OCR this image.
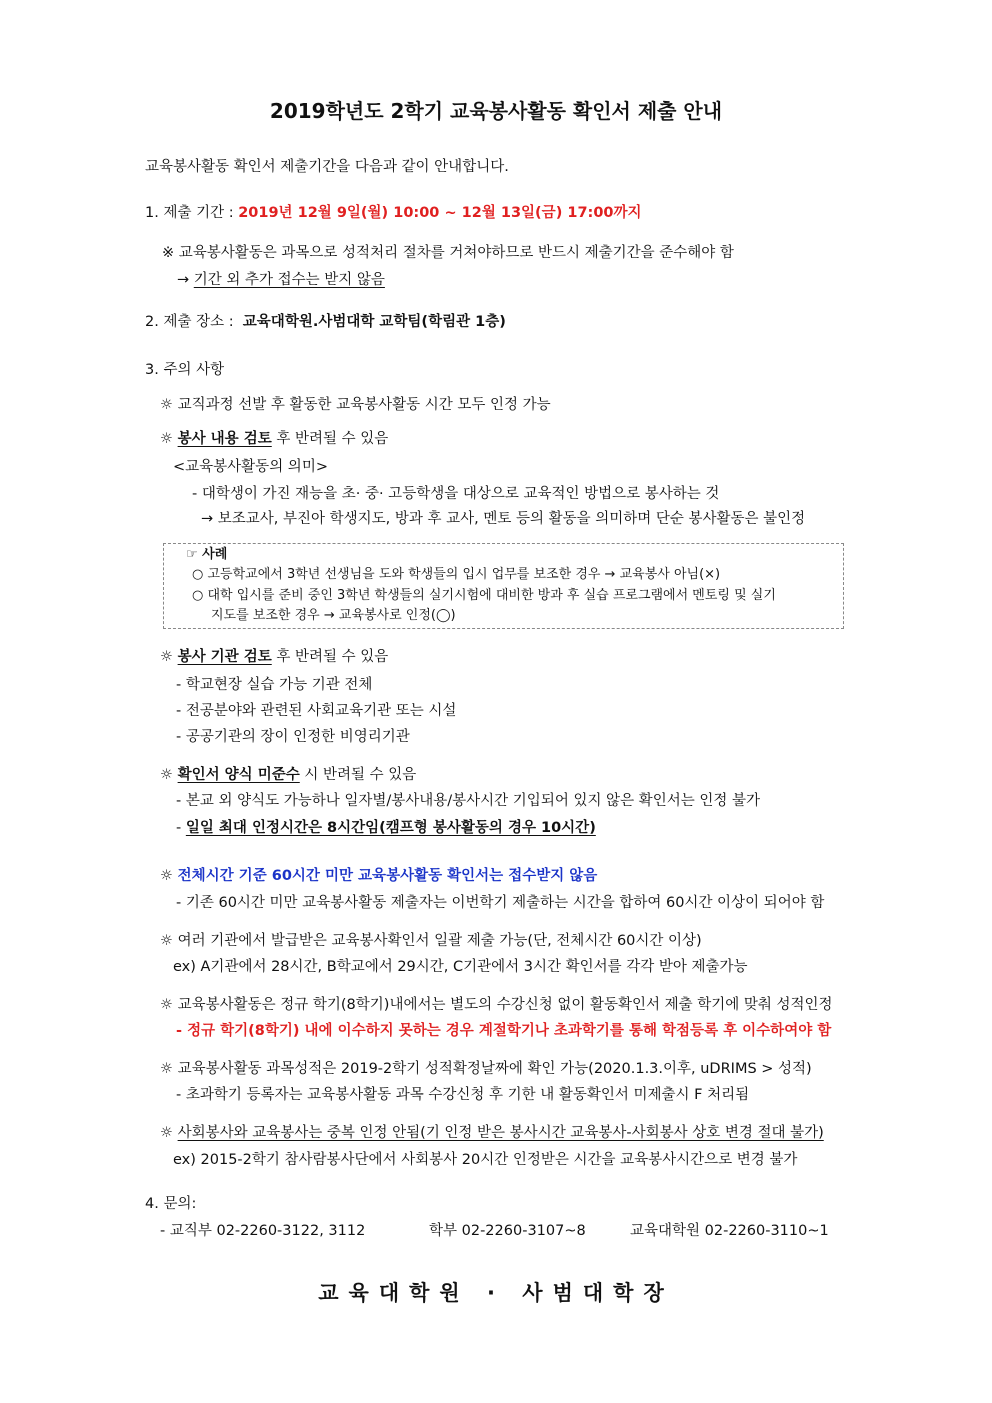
2019학년도 2학기 교육봉사활동 확인서 제출 안내
교육봉사활동 확인서 제출기간을 다음과 같이 안내합니다.
1. 제출 기간 : 2019년 12월 9일(월) 10:00 ~ 12월 13일(금) 17:00까지
※ 교육봉사활동은 과목으로 성적처리 절차를 거쳐야하므로 반드시 제출기간을 준수해야 함
→ 기간 외 추가 접수는 받지 않음
2. 제출 장소 : 교육대학원.사범대학 교학팀(학림관 1층)
3. 주의 사항
☼ 교직과정 선발 후 활동한 교육봉사활동 시간 모두 인정 가능
☼ 봉사 내용 검토 후 반려될 수 있음
<교육봉사활동의 의미>
- 대학생이 가진 재능을 초· 중· 고등학생을 대상으로 교육적인 방법으로 봉사하는 것
→ 보조교사, 부진아 학생지도, 방과 후 교사, 멘토 등의 활동을 의미하며 단순 봉사활동은 불인정
☞ 사례
○ 고등학교에서 3학년 선생님을 도와 학생들의 입시 업무를 보조한 경우 → 교육봉사 아님(×)
○ 대학 입시를 준비 중인 3학년 학생들의 실기시험에 대비한 방과 후 실습 프로그램에서 멘토링 및 실기
지도를 보조한 경우 → 교육봉사로 인정(◯)
☼ 봉사 기관 검토 후 반려될 수 있음
- 학교현장 실습 가능 기관 전체
- 전공분야와 관련된 사회교육기관 또는 시설
- 공공기관의 장이 인정한 비영리기관
☼ 확인서 양식 미준수 시 반려될 수 있음
- 본교 외 양식도 가능하나 일자별/봉사내용/봉사시간 기입되어 있지 않은 확인서는 인정 불가
- 일일 최대 인정시간은 8시간임(캠프형 봉사활동의 경우 10시간)
☼ 전체시간 기준 60시간 미만 교육봉사활동 확인서는 접수받지 않음
- 기존 60시간 미만 교육봉사활동 제출자는 이번학기 제출하는 시간을 합하여 60시간 이상이 되어야 함
☼ 여러 기관에서 발급받은 교육봉사확인서 일괄 제출 가능(단, 전체시간 60시간 이상)
ex) A기관에서 28시간, B학교에서 29시간, C기관에서 3시간 확인서를 각각 받아 제출가능
☼ 교육봉사활동은 정규 학기(8학기)내에서는 별도의 수강신청 없이 활동확인서 제출 학기에 맞춰 성적인정
- 정규 학기(8학기) 내에 이수하지 못하는 경우 계절학기나 초과학기를 통해 학점등록 후 이수하여야 함
☼ 교육봉사활동 과목성적은 2019-2학기 성적확정날짜에 확인 가능(2020.1.3.이후, uDRIMS > 성적)
- 초과학기 등록자는 교육봉사활동 과목 수강신청 후 기한 내 활동확인서 미제출시 F 처리됨
☼ 사회봉사와 교육봉사는 중복 인정 안됨(기 인정 받은 봉사시간 교육봉사-사회봉사 상호 변경 절대 불가)
ex) 2015-2학기 참사람봉사단에서 사회봉사 20시간 인정받은 시간을 교육봉사시간으로 변경 불가
4. 문의:
- 교직부 02-2260-3122, 3112	학부 02-2260-3107~8	교육대학원 02-2260-3110~1
교육대학원 · 사범대학장
